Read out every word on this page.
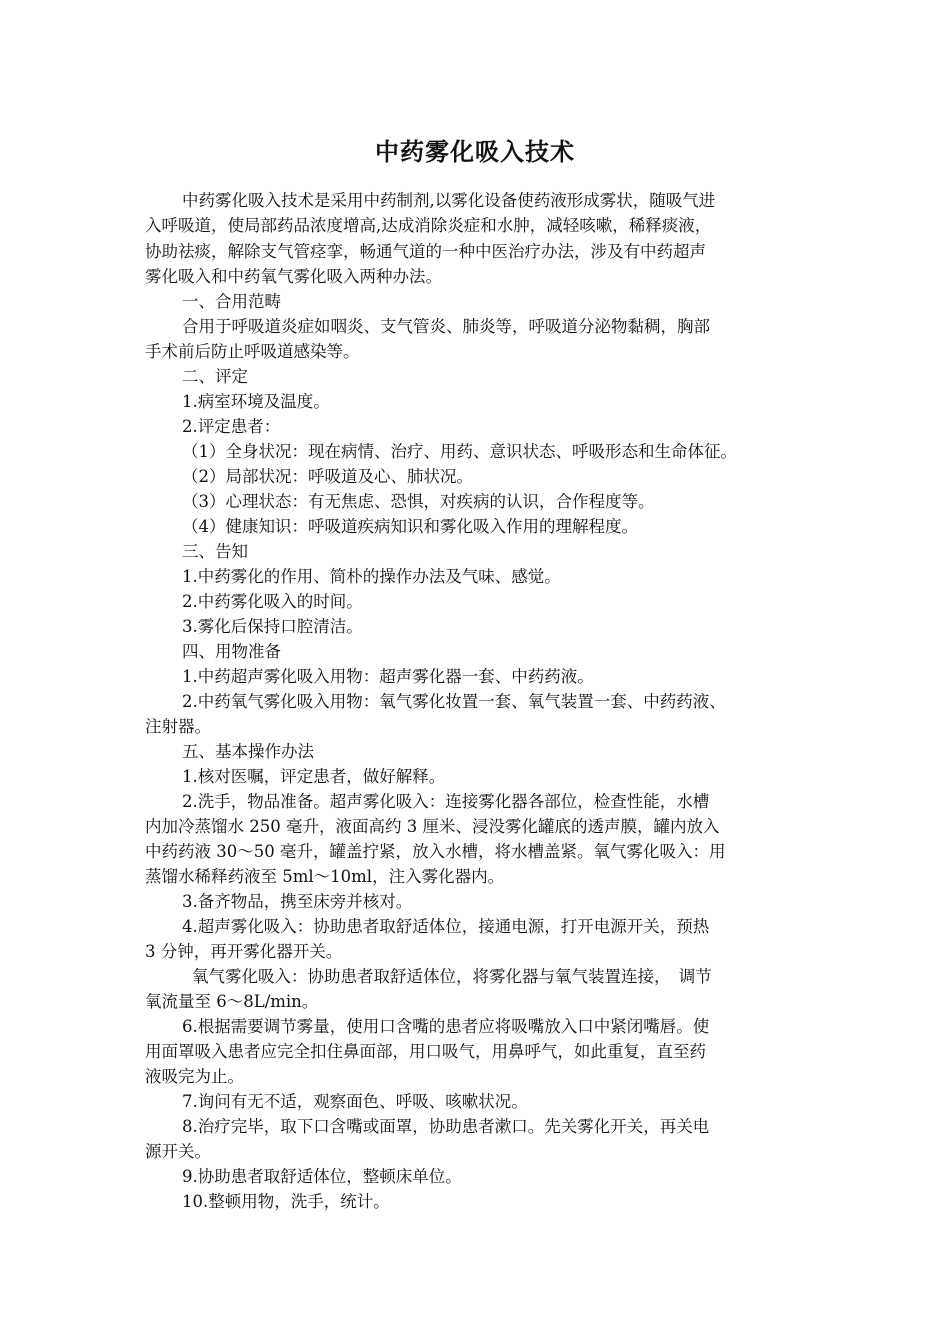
中药雾化吸入技术
中药雾化吸入技术是采用中药制剂,以雾化设备使药液形成雾状，随吸气进
入呼吸道，使局部药品浓度增高,达成消除炎症和水肿，减轻咳嗽，稀释痰液，
协助祛痰，解除支气管痉挛，畅通气道的一种中医治疗办法，涉及有中药超声
雾化吸入和中药氧气雾化吸入两种办法。
一、合用范畴
合用于呼吸道炎症如咽炎、支气管炎、肺炎等，呼吸道分泌物黏稠，胸部
手术前后防止呼吸道感染等。
二、评定
1.病室环境及温度。
2.评定患者：
（1）全身状况：现在病情、治疗、用药、意识状态、呼吸形态和生命体征。
（2）局部状况：呼吸道及心、肺状况。
（3）心理状态：有无焦虑、恐惧，对疾病的认识，合作程度等。
（4）健康知识：呼吸道疾病知识和雾化吸入作用的理解程度。
三、告知
1.中药雾化的作用、简朴的操作办法及气味、感觉。
2.中药雾化吸入的时间。
3.雾化后保持口腔清洁。
四、用物准备
1.中药超声雾化吸入用物：超声雾化器一套、中药药液。
2.中药氧气雾化吸入用物：氧气雾化妆置一套、氧气装置一套、中药药液、
注射器。
五、基本操作办法
1.核对医嘱，评定患者，做好解释。
2.洗手，物品准备。超声雾化吸入：连接雾化器各部位，检查性能，水槽
内加冷蒸馏水 250 毫升，液面高约 3 厘米、浸没雾化罐底的透声膜，罐内放入
中药药液 30～50 毫升，罐盖拧紧，放入水槽，将水槽盖紧。氧气雾化吸入：用
蒸馏水稀释药液至 5ml～10ml，注入雾化器内。
3.备齐物品，携至床旁并核对。
4.超声雾化吸入：协助患者取舒适体位，接通电源，打开电源开关，预热
3 分钟，再开雾化器开关。
氧气雾化吸入：协助患者取舒适体位，将雾化器与氧气装置连接，　调节
氧流量至 6～8L/min。
6.根据需要调节雾量，使用口含嘴的患者应将吸嘴放入口中紧闭嘴唇。使
用面罩吸入患者应完全扣住鼻面部，用口吸气，用鼻呼气，如此重复，直至药
液吸完为止。
7.询问有无不适，观察面色、呼吸、咳嗽状况。
8.治疗完毕，取下口含嘴或面罩，协助患者漱口。先关雾化开关，再关电
源开关。
9.协助患者取舒适体位，整顿床单位。
10.整顿用物，洗手，统计。
